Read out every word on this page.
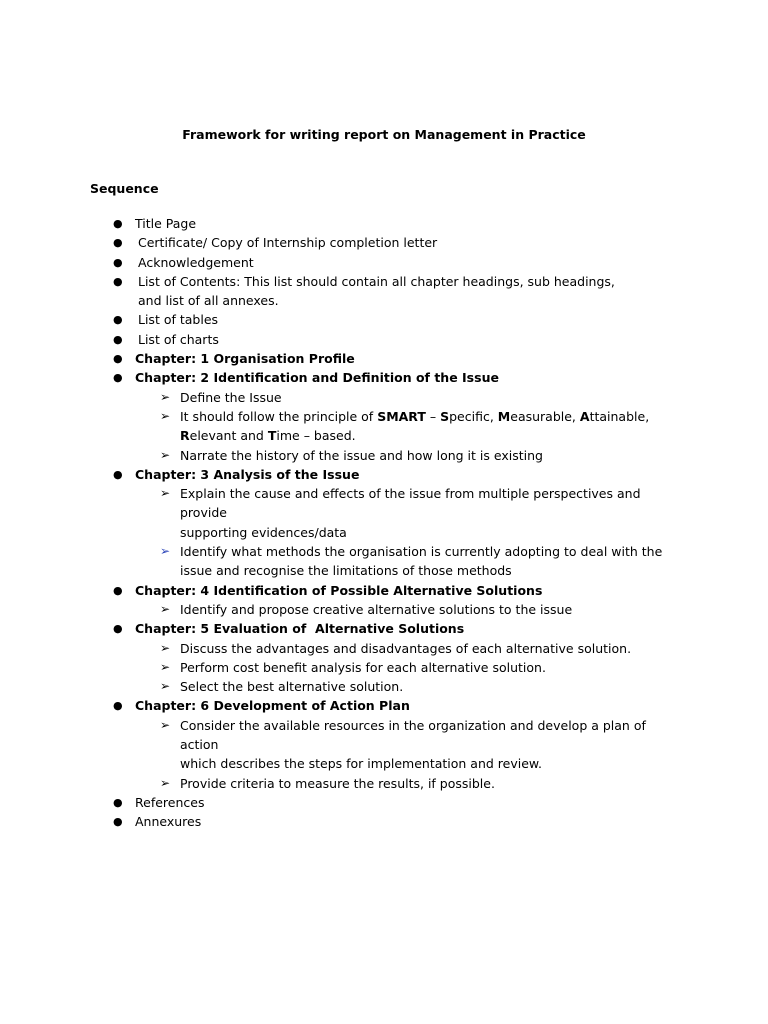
Framework for writing report on Management in Practice
Sequence
● Title Page
●	Certificate/ Copy of Internship completion letter
●	Acknowledgement
●	List of Contents: This list should contain all chapter headings, sub headings,
and list of all annexes.
●	List of tables
●	List of charts
● Chapter: 1 Organisation Profile
● Chapter: 2 Identification and Definition of the Issue
➢ Define the Issue
➢ It should follow the principle of SMART – Specific, Measurable, Attainable,
Relevant and Time – based.
➢ Narrate the history of the issue and how long it is existing
● Chapter: 3 Analysis of the Issue
➢ Explain the cause and effects of the issue from multiple perspectives and provide
supporting evidences/data
➢ Identify what methods the organisation is currently adopting to deal with the
issue and recognise the limitations of those methods
● Chapter: 4 Identification of Possible Alternative Solutions
➢ Identify and propose creative alternative solutions to the issue
● Chapter: 5 Evaluation of  Alternative Solutions
➢ Discuss the advantages and disadvantages of each alternative solution.
➢ Perform cost benefit analysis for each alternative solution.
➢ Select the best alternative solution.
● Chapter: 6 Development of Action Plan
➢ Consider the available resources in the organization and develop a plan of action
which describes the steps for implementation and review.
➢ Provide criteria to measure the results, if possible.
● References
● Annexures
